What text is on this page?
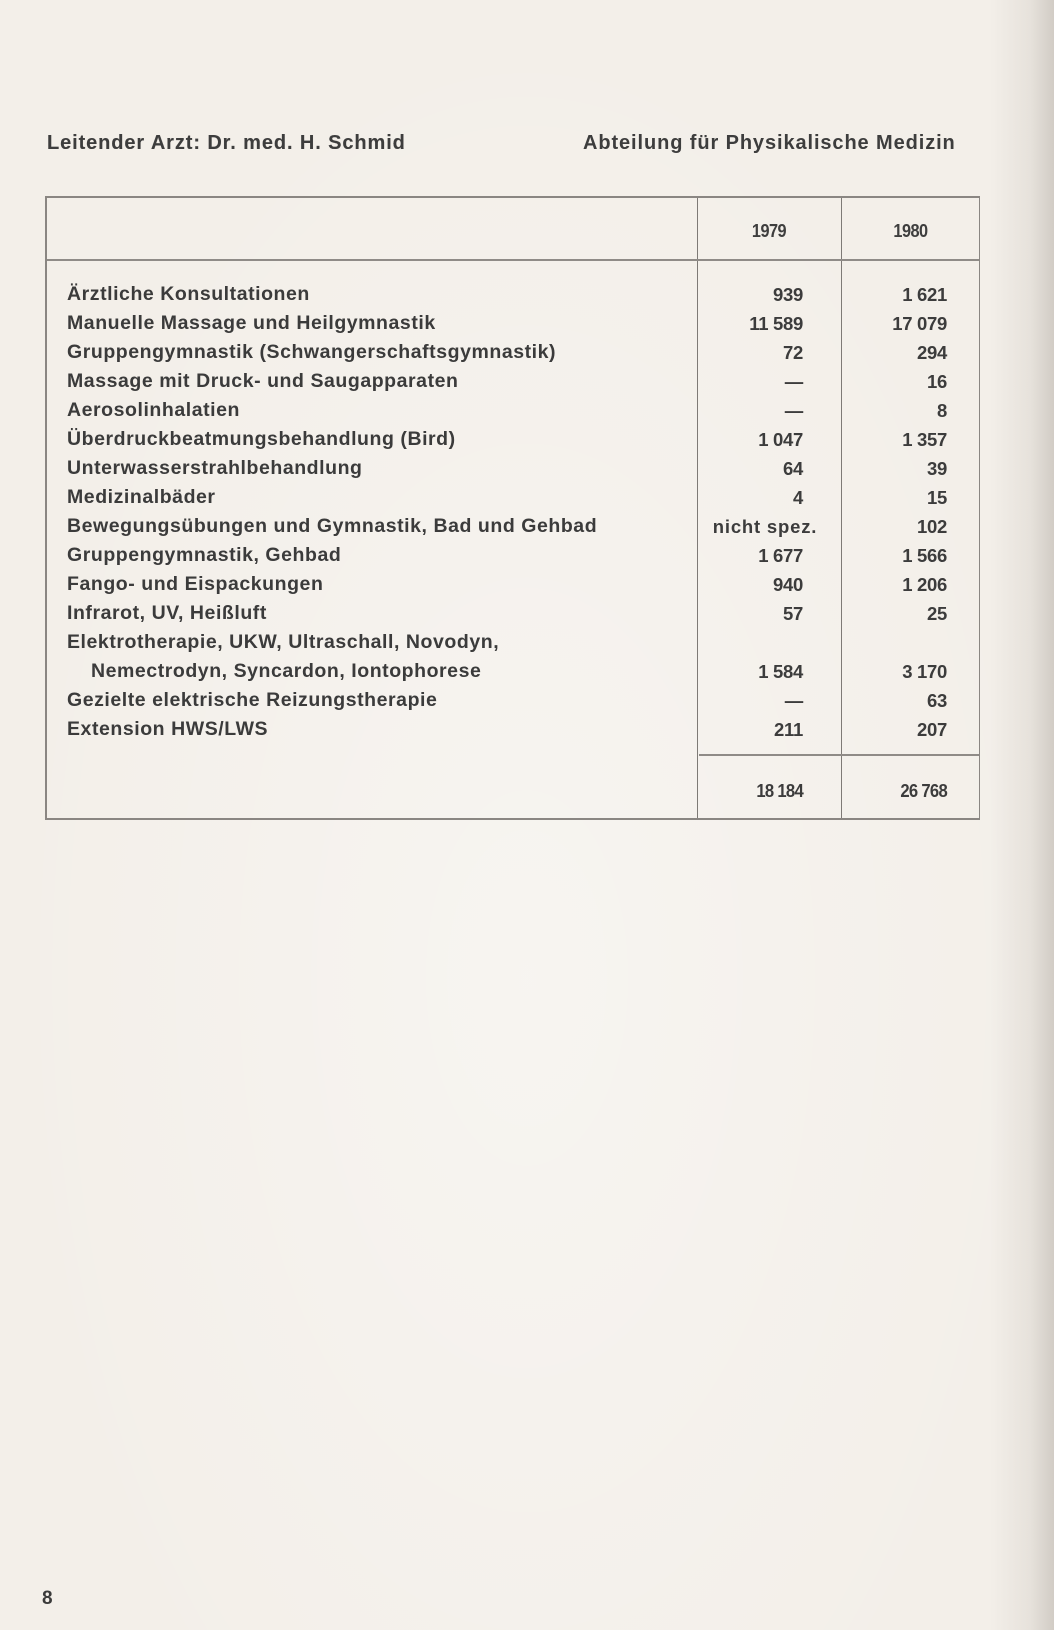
Leitender Arzt: Dr. med. H. Schmid	Abteilung für Physikalische Medizin
1979	1980
Ärztliche Konsultationen	939	1 621
Manuelle Massage und Heilgymnastik	11 589	17 079
Gruppengymnastik (Schwangerschaftsgymnastik)	72	294
Massage mit Druck- und Saugapparaten	—	16
Aerosolinhalatien	—	8
Überdruckbeatmungsbehandlung (Bird)	1 047	1 357
Unterwasserstrahlbehandlung	64	39
Medizinalbäder	4	15
Bewegungsübungen und Gymnastik, Bad und Gehbad	nicht spez.	102
Gruppengymnastik, Gehbad	1 677	1 566
Fango- und Eispackungen	940	1 206
Infrarot, UV, Heißluft	57	25
Elektrotherapie, UKW, Ultraschall, Novodyn,
Nemectrodyn, Syncardon, Iontophorese	1 584	3 170
Gezielte elektrische Reizungstherapie	—	63
Extension HWS/LWS	211	207
18 184	26 768
8
